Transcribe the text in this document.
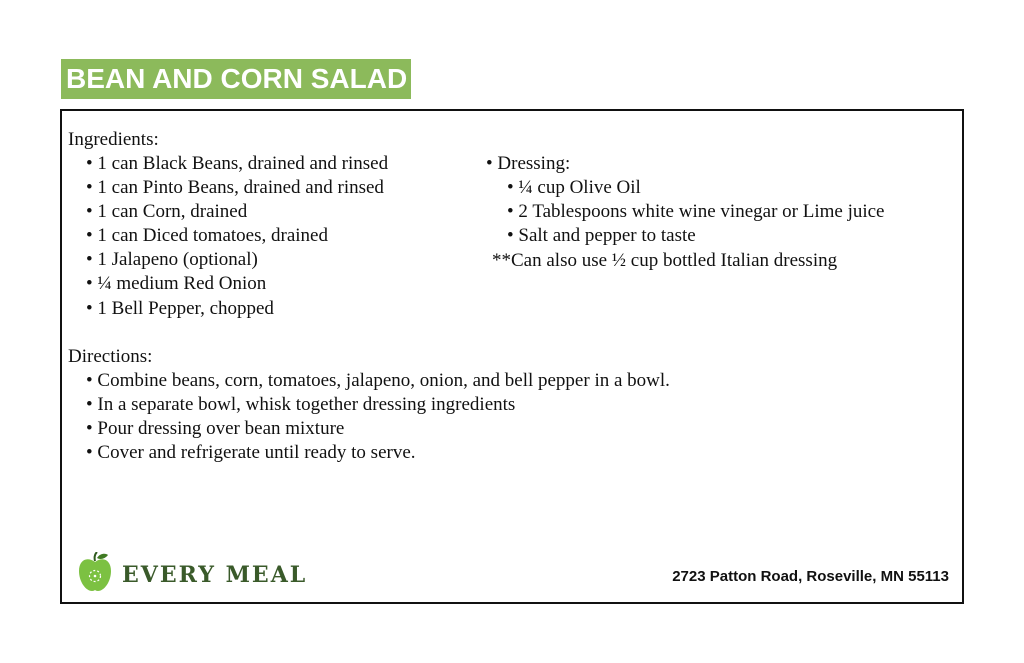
BEAN AND CORN SALAD
Ingredients:
• 1 can Black Beans, drained and rinsed
• 1 can Pinto Beans, drained and rinsed
• 1 can Corn, drained
• 1 can Diced tomatoes, drained
• 1 Jalapeno (optional)
• ¼ medium Red Onion
• 1 Bell Pepper, chopped
• Dressing:
• ¼ cup Olive Oil
• 2 Tablespoons white wine vinegar or Lime juice
• Salt and pepper to taste
**Can also use ½ cup bottled Italian dressing
Directions:
• Combine beans, corn, tomatoes, jalapeno, onion, and bell pepper in a bowl.
• In a separate bowl, whisk together dressing ingredients
• Pour dressing over bean mixture
• Cover and refrigerate until ready to serve.
EVERY MEAL	2723 Patton Road, Roseville, MN 55113
